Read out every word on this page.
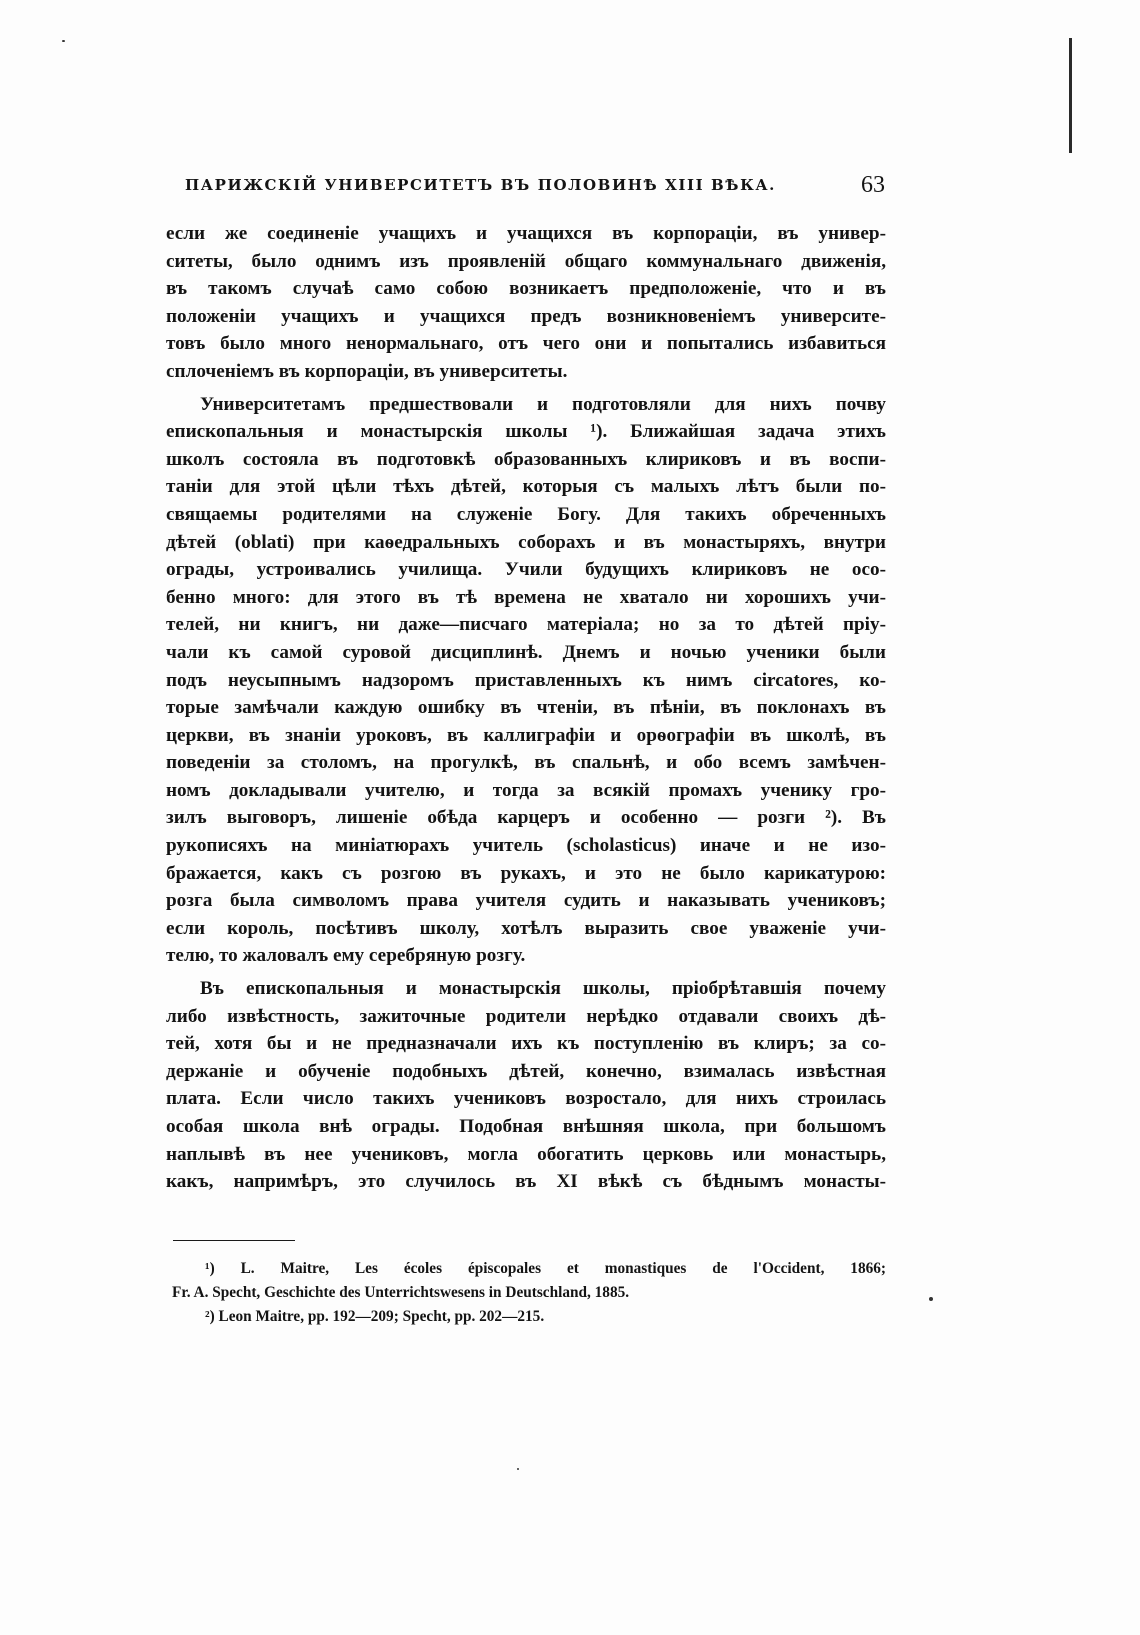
ПАРИЖСКІЙ УНИВЕРСИТЕТЪ ВЪ ПОЛОВИНѢ XIII ВѢКА.	63
если же соединеніе учащихъ и учащихся въ корпораціи, въ универ-
ситеты, было однимъ изъ проявленій общаго коммунальнаго движенія,
въ такомъ случаѣ само собою возникаетъ предположеніе, что и въ
положеніи учащихъ и учащихся предъ возникновеніемъ университе-
товъ было много ненормальнаго, отъ чего они и попытались избавиться
сплоченіемъ въ корпораціи, въ университеты.
Университетамъ предшествовали и подготовляли для нихъ почву
епископальныя и монастырскія школы ¹). Ближайшая задача этихъ
школъ состояла въ подготовкѣ образованныхъ клириковъ и въ воспи-
таніи для этой цѣли тѣхъ дѣтей, которыя съ малыхъ лѣтъ были по-
свящаемы родителями на служеніе Богу. Для такихъ обреченныхъ
дѣтей (oblati) при каѳедральныхъ соборахъ и въ монастыряхъ, внутри
ограды, устроивались училища. Учили будущихъ клириковъ не осо-
бенно много: для этого въ тѣ времена не хватало ни хорошихъ учи-
телей, ни книгъ, ни даже—писчаго матеріала; но за то дѣтей пріу-
чали къ самой суровой дисциплинѣ. Днемъ и ночью ученики были
подъ неусыпнымъ надзоромъ приставленныхъ къ нимъ circatores, ко-
торые замѣчали каждую ошибку въ чтеніи, въ пѣніи, въ поклонахъ въ
церкви, въ знаніи уроковъ, въ каллиграфіи и орѳографіи въ школѣ, въ
поведеніи за столомъ, на прогулкѣ, въ спальнѣ, и обо всемъ замѣчен-
номъ докладывали учителю, и тогда за всякій промахъ ученику гро-
зилъ выговоръ, лишеніе обѣда карцеръ и особенно — розги ²). Въ
рукописяхъ на миніатюрахъ учитель (scholasticus) иначе и не изо-
бражается, какъ съ розгою въ рукахъ, и это не было карикатурою:
розга была символомъ права учителя судить и наказывать учениковъ;
если король, посѣтивъ школу, хотѣлъ выразить свое уваженіе учи-
телю, то жаловалъ ему серебряную розгу.
Въ епископальныя и монастырскія школы, пріобрѣтавшія почему
либо извѣстность, зажиточные родители нерѣдко отдавали своихъ дѣ-
тей, хотя бы и не предназначали ихъ къ поступленію въ клиръ; за со-
держаніе и обученіе подобныхъ дѣтей, конечно, взималась извѣстная
плата. Если число такихъ учениковъ возростало, для нихъ строилась
особая школа внѣ ограды. Подобная внѣшняя школа, при большомъ
наплывѣ въ нее учениковъ, могла обогатить церковь или монастырь,
какъ, напримѣръ, это случилось въ XI вѣкѣ съ бѣднымъ монасты-
¹) L. Maitre, Les écoles épiscopales et monastiques de l'Occident, 1866;
Fr. A. Specht, Geschichte des Unterrichtswesens in Deutschland, 1885.
²) Leon Maitre, pp. 192—209; Specht, pp. 202—215.
